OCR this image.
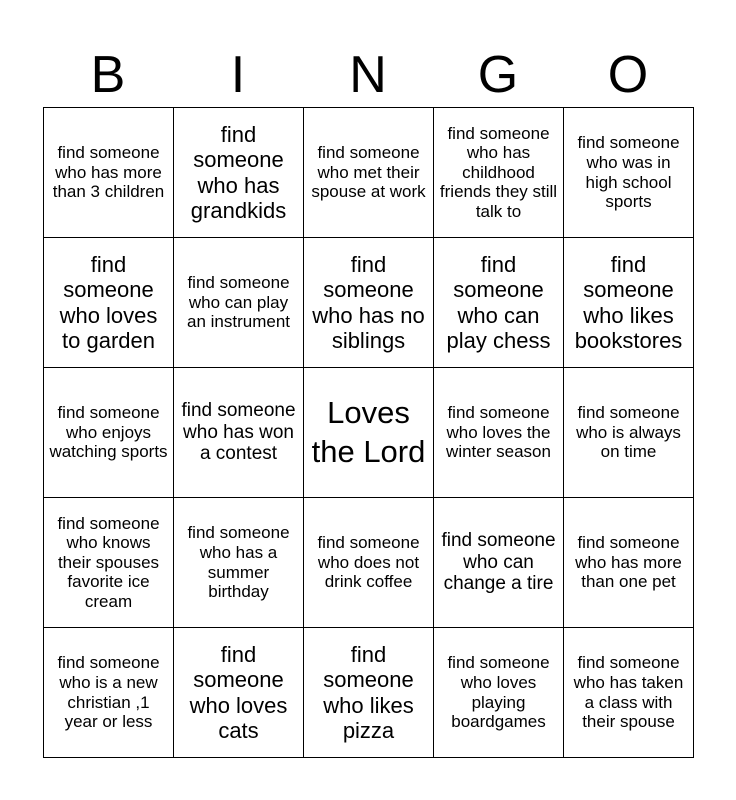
B	I	N	G	O
find someone who has more than 3 children	find someone who has grandkids	find someone who met their spouse at work	find someone who has childhood friends they still talk to	find someone who was in high school sports
find someone who loves to garden	find someone who can play an instrument	find someone who has no siblings	find someone who can play chess	find someone who likes bookstores
find someone who enjoys watching sports	find someone who has won a contest	Loves the Lord	find someone who loves the winter season	find someone who is always on time
find someone who knows their spouses favorite ice cream	find someone who has a summer birthday	find someone who does not drink coffee	find someone who can change a tire	find someone who has more than one pet
find someone who is a new christian ,1 year or less	find someone who loves cats	find someone who likes pizza	find someone who loves playing boardgames	find someone who has taken a class with their spouse
